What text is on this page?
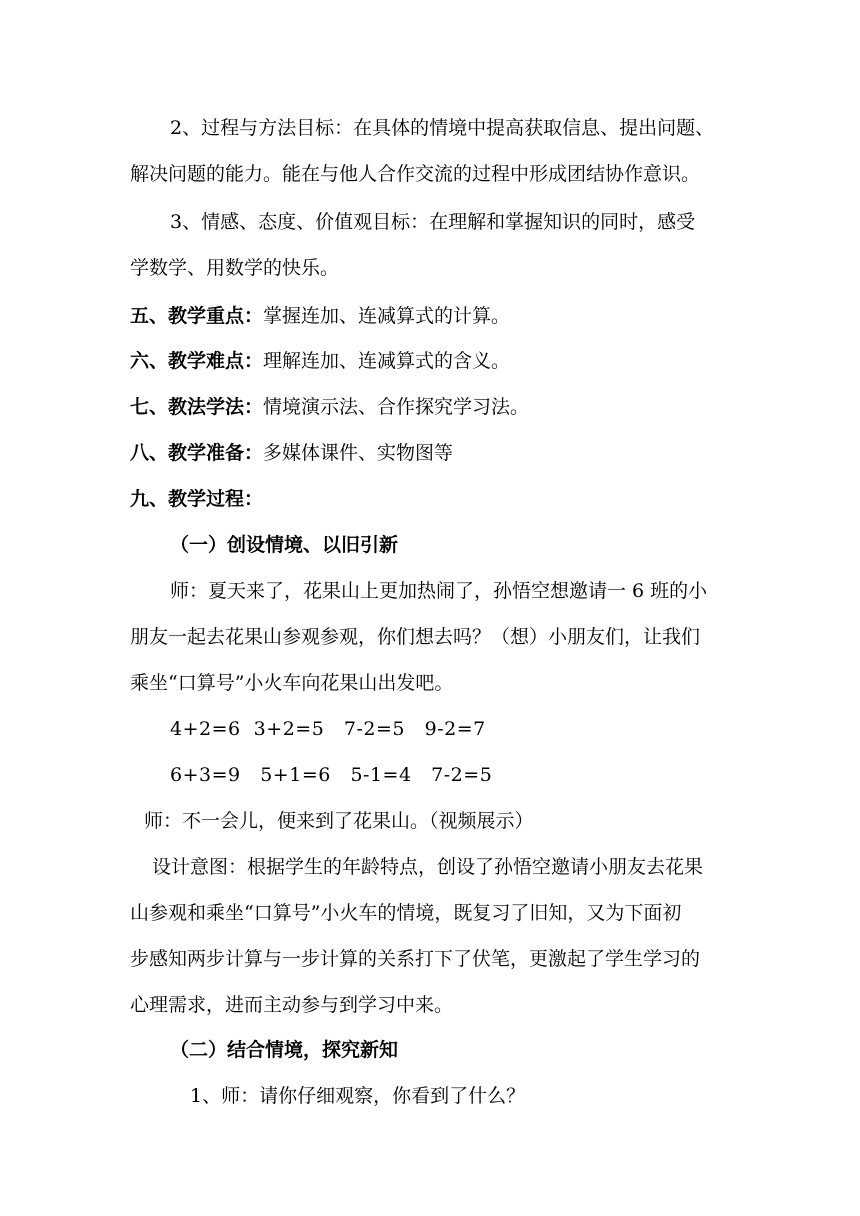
2、过程与方法目标：在具体的情境中提高获取信息、提出问题、
解决问题的能力。能在与他人合作交流的过程中形成团结协作意识。
3、情感、态度、价值观目标：在理解和掌握知识的同时，感受
学数学、用数学的快乐。
五、教学重点：掌握连加、连减算式的计算。
六、教学难点：理解连加、连减算式的含义。
七、教法学法：情境演示法、合作探究学习法。
八、教学准备：多媒体课件、实物图等
九、教学过程：
（一）创设情境、以旧引新
师：夏天来了，花果山上更加热闹了，孙悟空想邀请一 6 班的小
朋友一起去花果山参观参观，你们想去吗？（想）小朋友们，让我们
乘坐“口算号”小火车向花果山出发吧。
4+2=6  3+2=5   7-2=5   9-2=7
6+3=9   5+1=6   5-1=4   7-2=5
师：不一会儿，便来到了花果山。（视频展示）
设计意图：根据学生的年龄特点，创设了孙悟空邀请小朋友去花果
山参观和乘坐“口算号”小火车的情境，既复习了旧知，又为下面初
步感知两步计算与一步计算的关系打下了伏笔，更激起了学生学习的
心理需求，进而主动参与到学习中来。
（二）结合情境，探究新知
1、师：请你仔细观察，你看到了什么？
